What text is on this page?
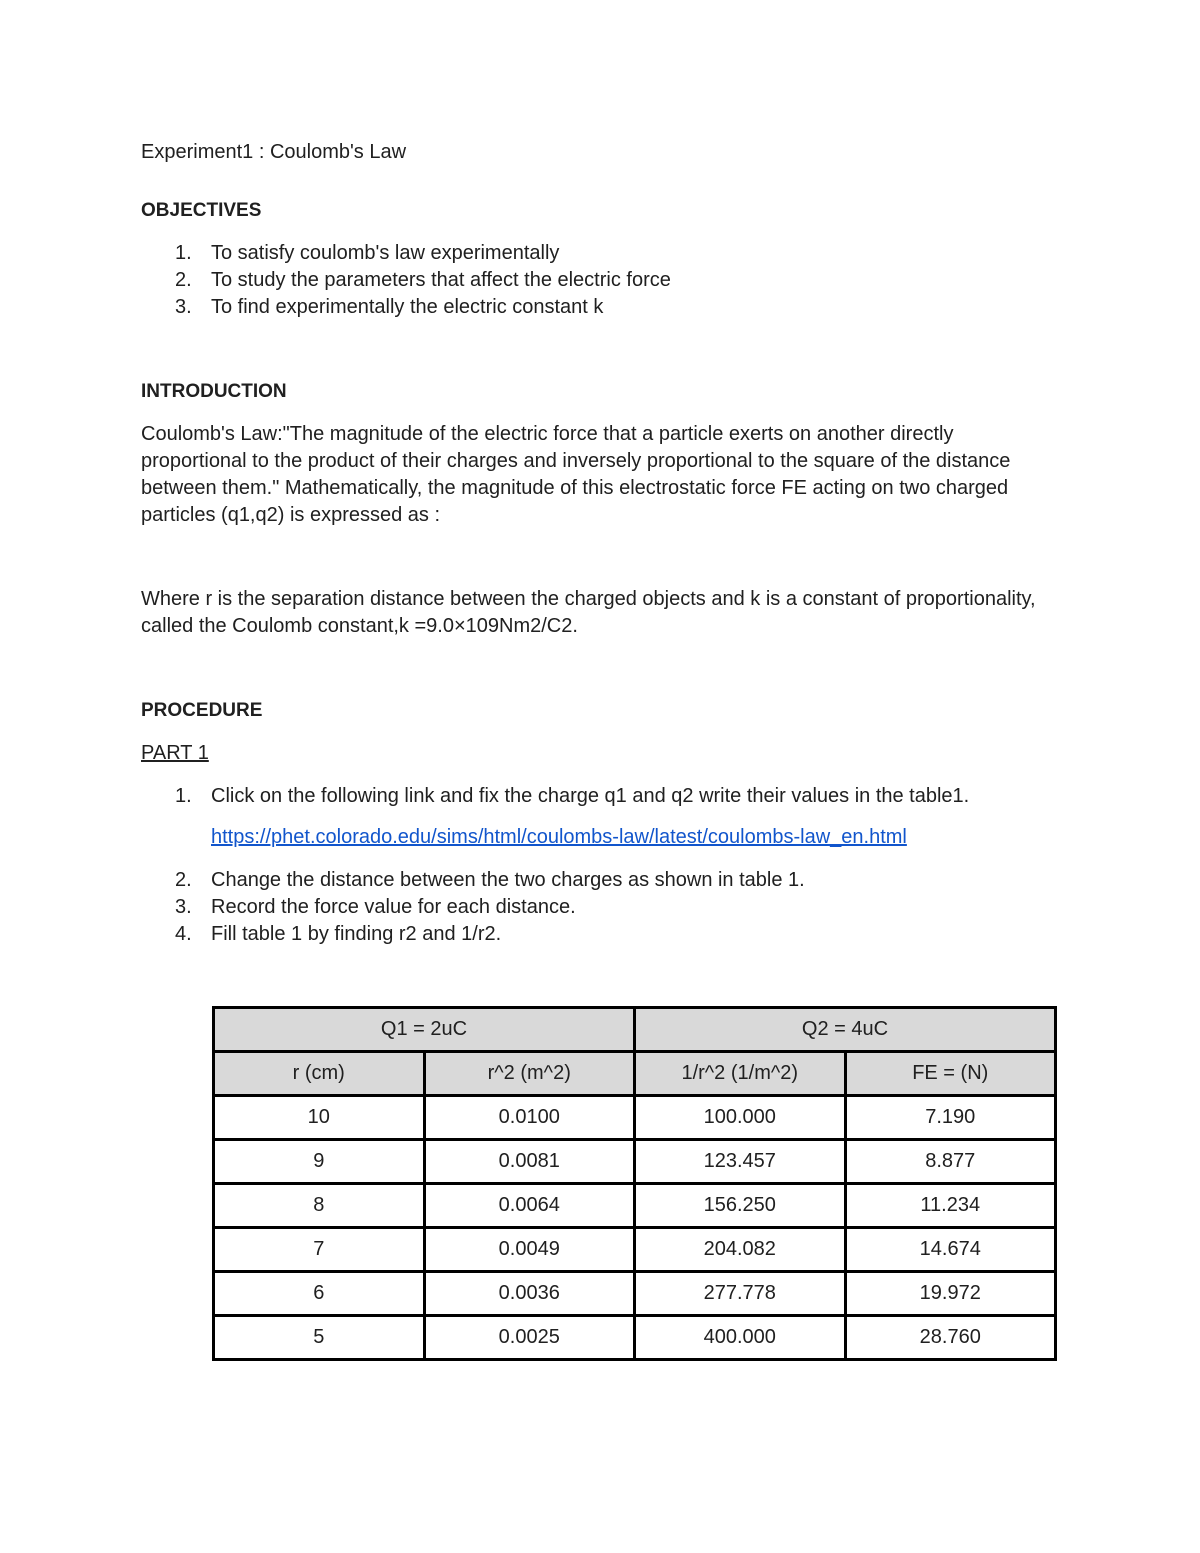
Experiment1 : Coulomb's Law

OBJECTIVES

1. To satisfy coulomb's law experimentally
2. To study the parameters that affect the electric force
3. To find experimentally the electric constant k

INTRODUCTION

Coulomb's Law:"The magnitude of the electric force that a particle exerts on another directly proportional to the product of their charges and inversely proportional to the square of the distance between them." Mathematically, the magnitude of this electrostatic force FE acting on two charged particles (q1,q2) is expressed as :

Where r is the separation distance between the charged objects and k is a constant of proportionality, called the Coulomb constant,k =9.0×109Nm2/C2.

PROCEDURE

PART 1

1. Click on the following link and fix the charge q1 and q2 write their values in the table1.
https://phet.colorado.edu/sims/html/coulombs-law/latest/coulombs-law_en.html
2. Change the distance between the two charges as shown in table 1.
3. Record the force value for each distance.
4. Fill table 1 by finding r2 and 1/r2.
Q1 = 2uC		Q2 = 4uC	
r (cm)	r^2 (m^2)	1/r^2 (1/m^2)	FE = (N)
10	0.0100	100.000	7.190
9	0.0081	123.457	8.877
8	0.0064	156.250	11.234
7	0.0049	204.082	14.674
6	0.0036	277.778	19.972
5	0.0025	400.000	28.760
